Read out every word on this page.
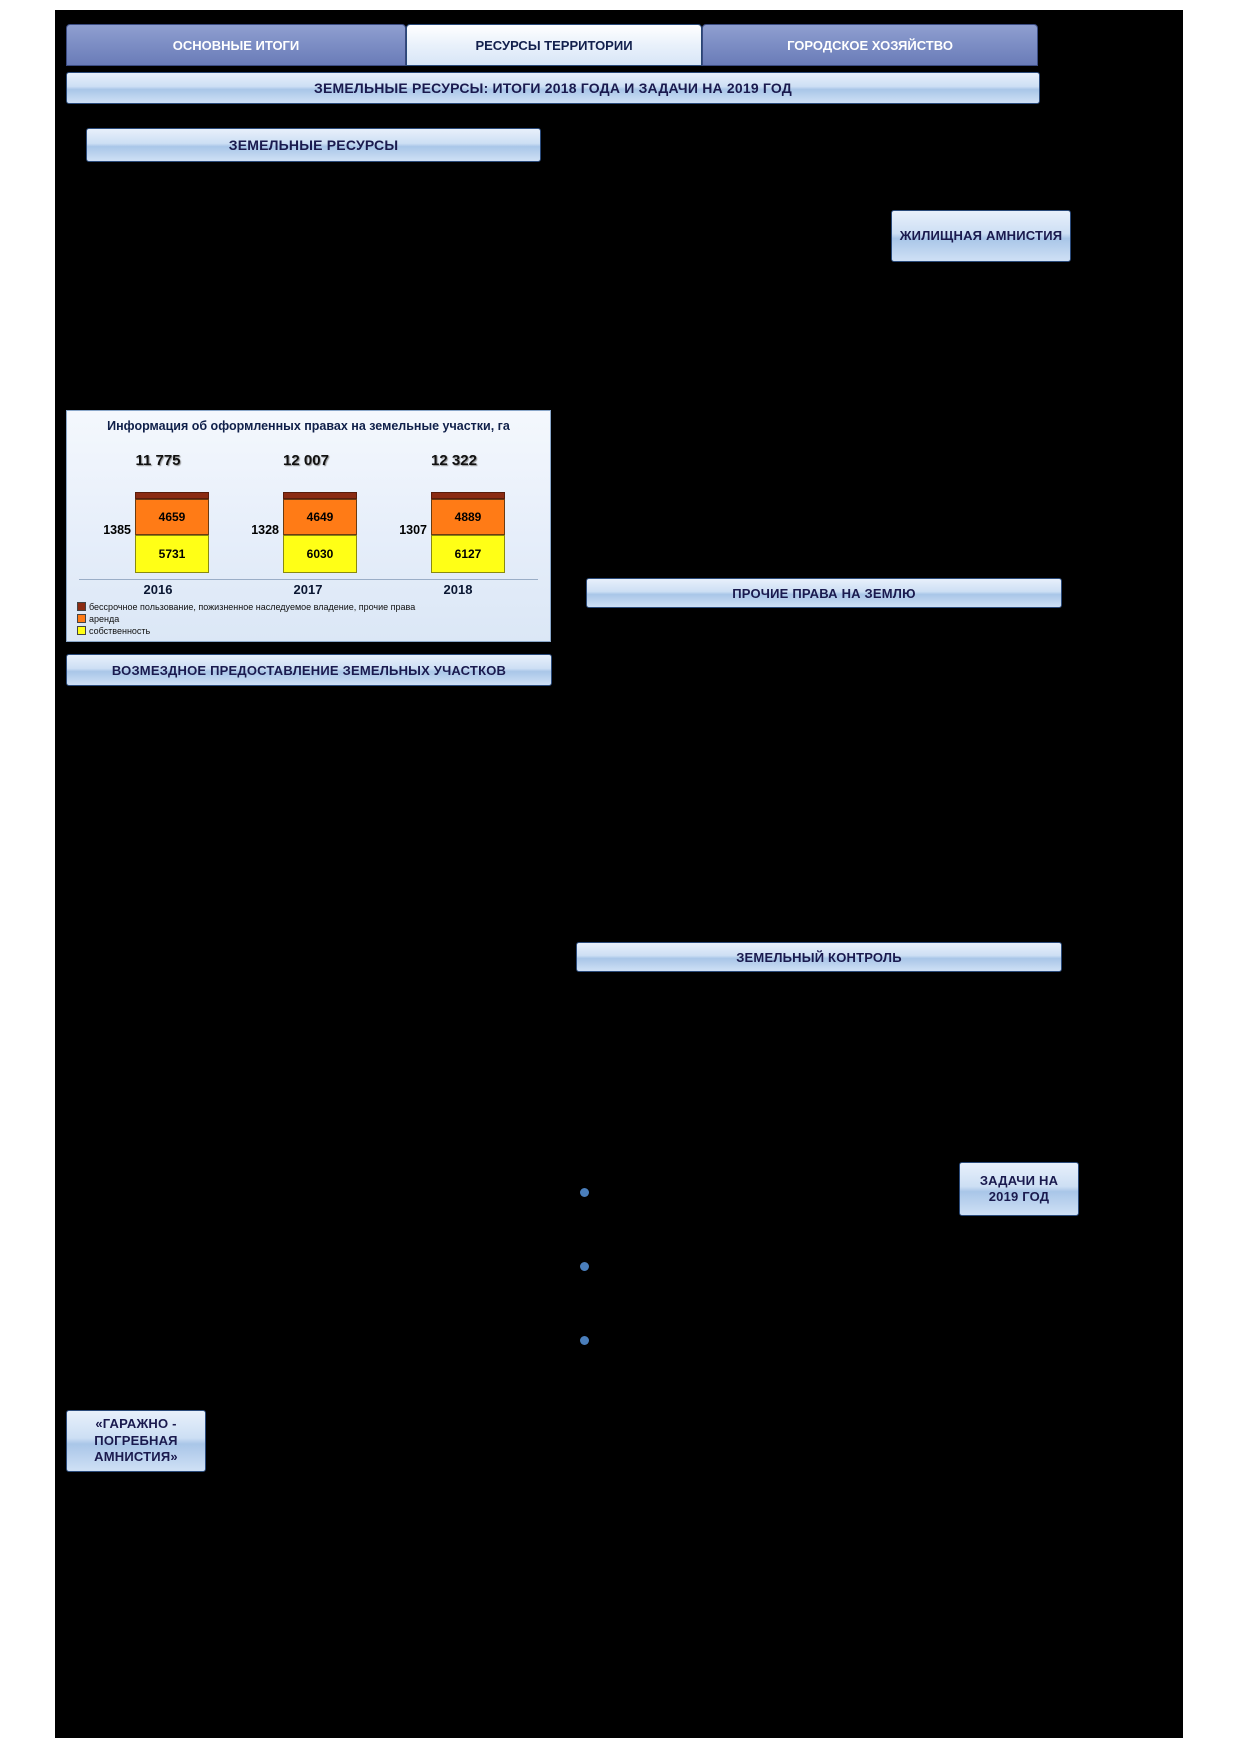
ОСНОВНЫЕ ИТОГИ	РЕСУРСЫ ТЕРРИТОРИИ	ГОРОДСКОЕ ХОЗЯЙСТВО
ЗЕМЕЛЬНЫЕ РЕСУРСЫ: ИТОГИ 2018 ГОДА И ЗАДАЧИ НА 2019 ГОД
ЗЕМЕЛЬНЫЕ РЕСУРСЫ
ЖИЛИЩНАЯ АМНИСТИЯ
ПРОЧИЕ ПРАВА НА ЗЕМЛЮ
ВОЗМЕЗДНОЕ ПРЕДОСТАВЛЕНИЕ ЗЕМЕЛЬНЫХ УЧАСТКОВ
ЗЕМЕЛЬНЫЙ КОНТРОЛЬ
ЗАДАЧИ НА 2019 ГОД
«ГАРАЖНО - ПОГРЕБНАЯ АМНИСТИЯ»
Информация об оформленных правах на земельные участки, га
11 775
1385
4659
5731
12 007
1328
4649
6030
12 322
1307
4889
6127
2016	2017	2018
бессрочное пользование, пожизненное наследуемое владение, прочие права
аренда
собственность
